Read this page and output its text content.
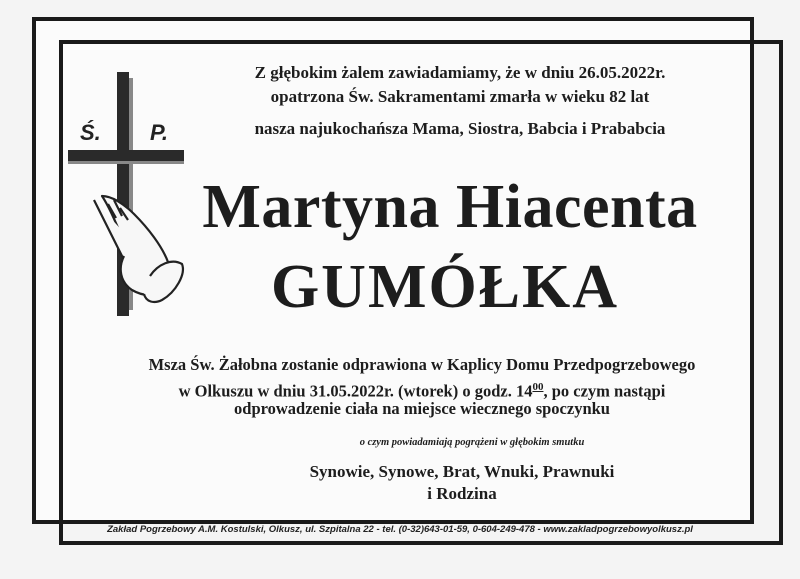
Ś. P.
Z głębokim żalem zawiadamiamy, że w dniu 26.05.2022r.
opatrzona Św. Sakramentami zmarła w wieku 82 lat
nasza najukochańsza Mama, Siostra, Babcia i Prababcia
Martyna Hiacenta
GUMÓŁKA
Msza Św. Żałobna zostanie odprawiona w Kaplicy Domu Przedpogrzebowego
w Olkuszu w dniu 31.05.2022r. (wtorek) o godz. $14^{00}$, po czym nastąpi
odprowadzenie ciała na miejsce wiecznego spoczynku
o czym powiadamiają pogrążeni w głębokim smutku
Synowie, Synowe, Brat, Wnuki, Prawnuki
i Rodzina
Zakład Pogrzebowy A.M. Kostulski, Olkusz, ul. Szpitalna 22 - tel. (0-32)643-01-59, 0-604-249-478 - www.zakladpogrzebowyolkusz.pl
